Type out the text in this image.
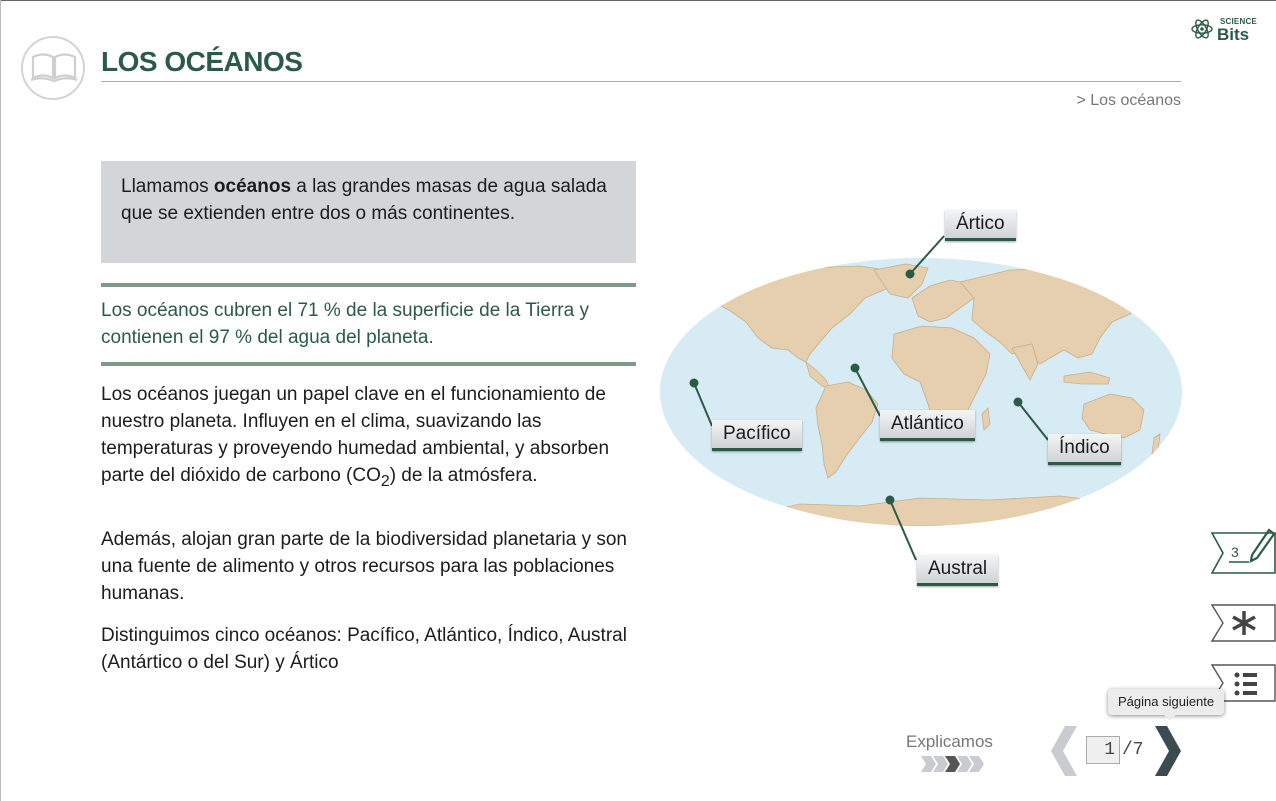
LOS OCÉANOS
SCIENCE
Bits
> Los océanos
Llamamos océanos a las grandes masas de agua salada que se extienden entre dos o más continentes.
Los océanos cubren el 71 % de la superficie de la Tierra y contienen el 97 % del agua del planeta.
Los océanos juegan un papel clave en el funcionamiento de nuestro planeta. Influyen en el clima, suavizando las temperaturas y proveyendo humedad ambiental, y absorben parte del dióxido de carbono $(CO_2)$ de la atmósfera.
Además, alojan gran parte de la biodiversidad planetaria y son una fuente de alimento y otros recursos para las poblaciones humanas.
Distinguimos cinco océanos: Pacífico, Atlántico, Índico, Austral (Antártico o del Sur) y Ártico
Ártico
Pacífico	Atlántico
Índico
Austral
3
Página siguiente
Explicamos	1 /7
